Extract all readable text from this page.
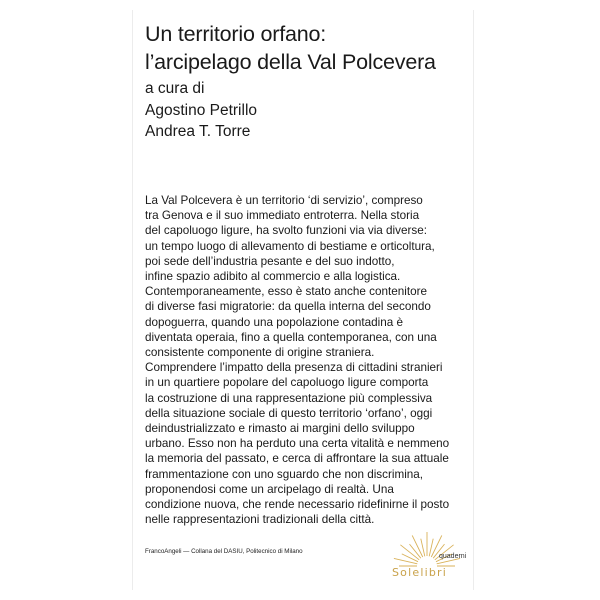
Un territorio orfano:
l’arcipelago della Val Polcevera
a cura di
Agostino Petrillo
Andrea T. Torre
La Val Polcevera è un territorio ‘di servizio’, compreso
tra Genova e il suo immediato entroterra. Nella storia
del capoluogo ligure, ha svolto funzioni via via diverse:
un tempo luogo di allevamento di bestiame e orticoltura,
poi sede dell’industria pesante e del suo indotto,
infine spazio adibito al commercio e alla logistica.
Contemporaneamente, esso è stato anche contenitore
di diverse fasi migratorie: da quella interna del secondo
dopoguerra, quando una popolazione contadina è
diventata operaia, fino a quella contemporanea, con una
consistente componente di origine straniera.
Comprendere l’impatto della presenza di cittadini stranieri
in un quartiere popolare del capoluogo ligure comporta
la costruzione di una rappresentazione più complessiva
della situazione sociale di questo territorio ‘orfano’, oggi
deindustrializzato e rimasto ai margini dello sviluppo
urbano. Esso non ha perduto una certa vitalità e nemmeno
la memoria del passato, e cerca di affrontare la sua attuale
frammentazione con uno sguardo che non discrimina,
proponendosi come un arcipelago di realtà. Una
condizione nuova, che rende necessario ridefinirne il posto
nelle rappresentazioni tradizionali della città.
FrancoAngeli — Collana del DASIU, Politecnico di Milano
quaderni
Solelibri
